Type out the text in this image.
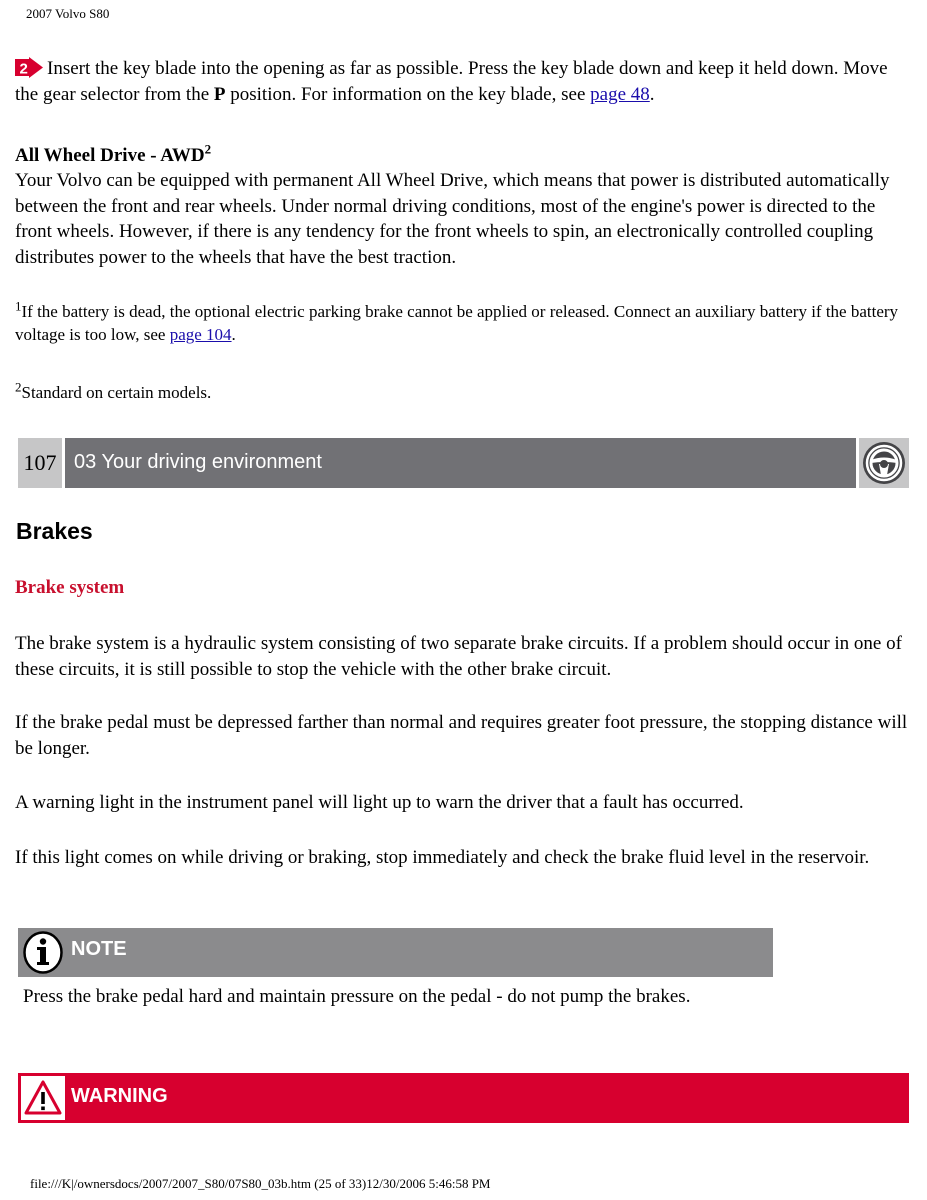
2007 Volvo S80

2 Insert the key blade into the opening as far as possible. Press the key blade down and keep it held down. Move the gear selector from the P position. For information on the key blade, see page 48.

All Wheel Drive - AWD$^2$

Your Volvo can be equipped with permanent All Wheel Drive, which means that power is distributed automatically between the front and rear wheels. Under normal driving conditions, most of the engine's power is directed to the front wheels. However, if there is any tendency for the front wheels to spin, an electronically controlled coupling distributes power to the wheels that have the best traction.

$^1$If the battery is dead, the optional electric parking brake cannot be applied or released. Connect an auxiliary battery if the battery voltage is too low, see page 104.

$^2$Standard on certain models.

107 03 Your driving environment
Brakes
Brake system

The brake system is a hydraulic system consisting of two separate brake circuits. If a problem should occur in one of these circuits, it is still possible to stop the vehicle with the other brake circuit.

If the brake pedal must be depressed farther than normal and requires greater foot pressure, the stopping distance will be longer.

A warning light in the instrument panel will light up to warn the driver that a fault has occurred.

If this light comes on while driving or braking, stop immediately and check the brake fluid level in the reservoir.

NOTE

Press the brake pedal hard and maintain pressure on the pedal - do not pump the brakes.

WARNING
file:///K|/ownersdocs/2007/2007_S80/07S80_03b.htm (25 of 33)12/30/2006 5:46:58 PM
